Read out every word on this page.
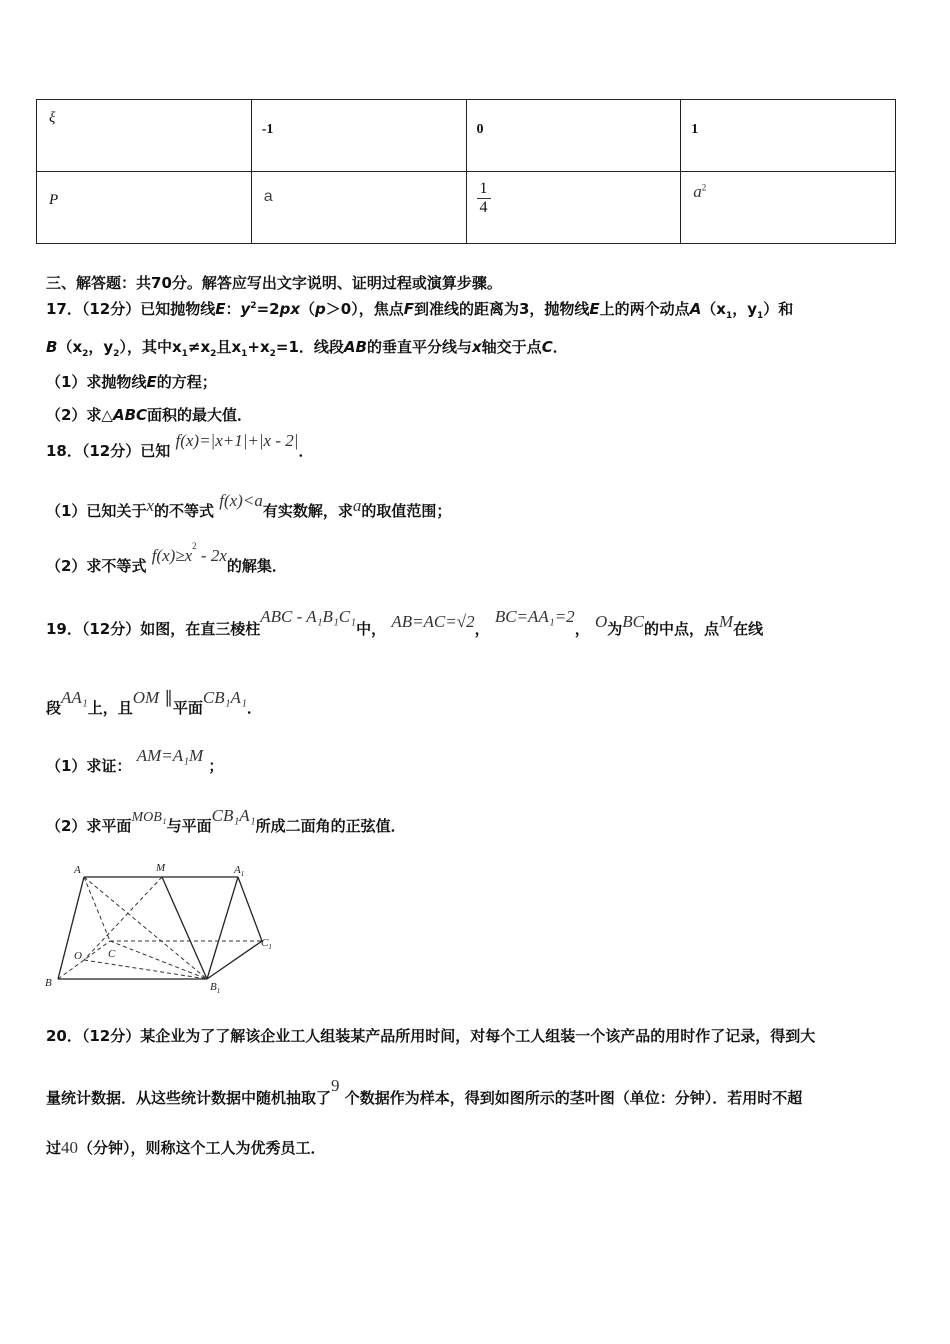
ξ	-1	0	1

P	a	$\frac{1}{4}$	$a^2$
三、解答题：共70分。解答应写出文字说明、证明过程或演算步骤。
17．（12分）已知抛物线E：$y^2=2px(p>0)$，焦点F到准线的距离为3，抛物线E上的两个动点$A(x_1$，$y_1$）和
$B(x_2$，$y_2$），其中$x_1\ne x_2$且$x_1+x_2=1$．线段AB的垂直平分线与x轴交于点C．
（1）求抛物线E的方程；
（2）求△ABC面积的最大值．
18．（12分）已知 f(x)=|x+1|+|x - 2|．
（1）已知关于x的不等式 f(x)<a有实数解，求a的取值范围；
（2）求不等式 $f(x)\ge x^2 - 2x$的解集．
19．（12分）如图，在直三棱柱ABC - A₁B₁C₁中， AB=AC=√2， BC=AA₁=2， O为BC的中点，点M在线
段AA₁上，且OM ∥平面CB₁A₁．
（1）求证： AM=A₁M ；
（2）求平面MOB₁与平面CB₁A₁所成二面角的正弦值．
A	M	$A_1$
$C_1$
O C
B	$B_1$
20．（12分）某企业为了了解该企业工人组装某产品所用时间，对每个工人组装一个该产品的用时作了记录，得到大
量统计数据．从这些统计数据中随机抽取了9 个数据作为样本，得到如图所示的茎叶图（单位：分钟）．若用时不超
过40（分钟），则称这个工人为优秀员工．
